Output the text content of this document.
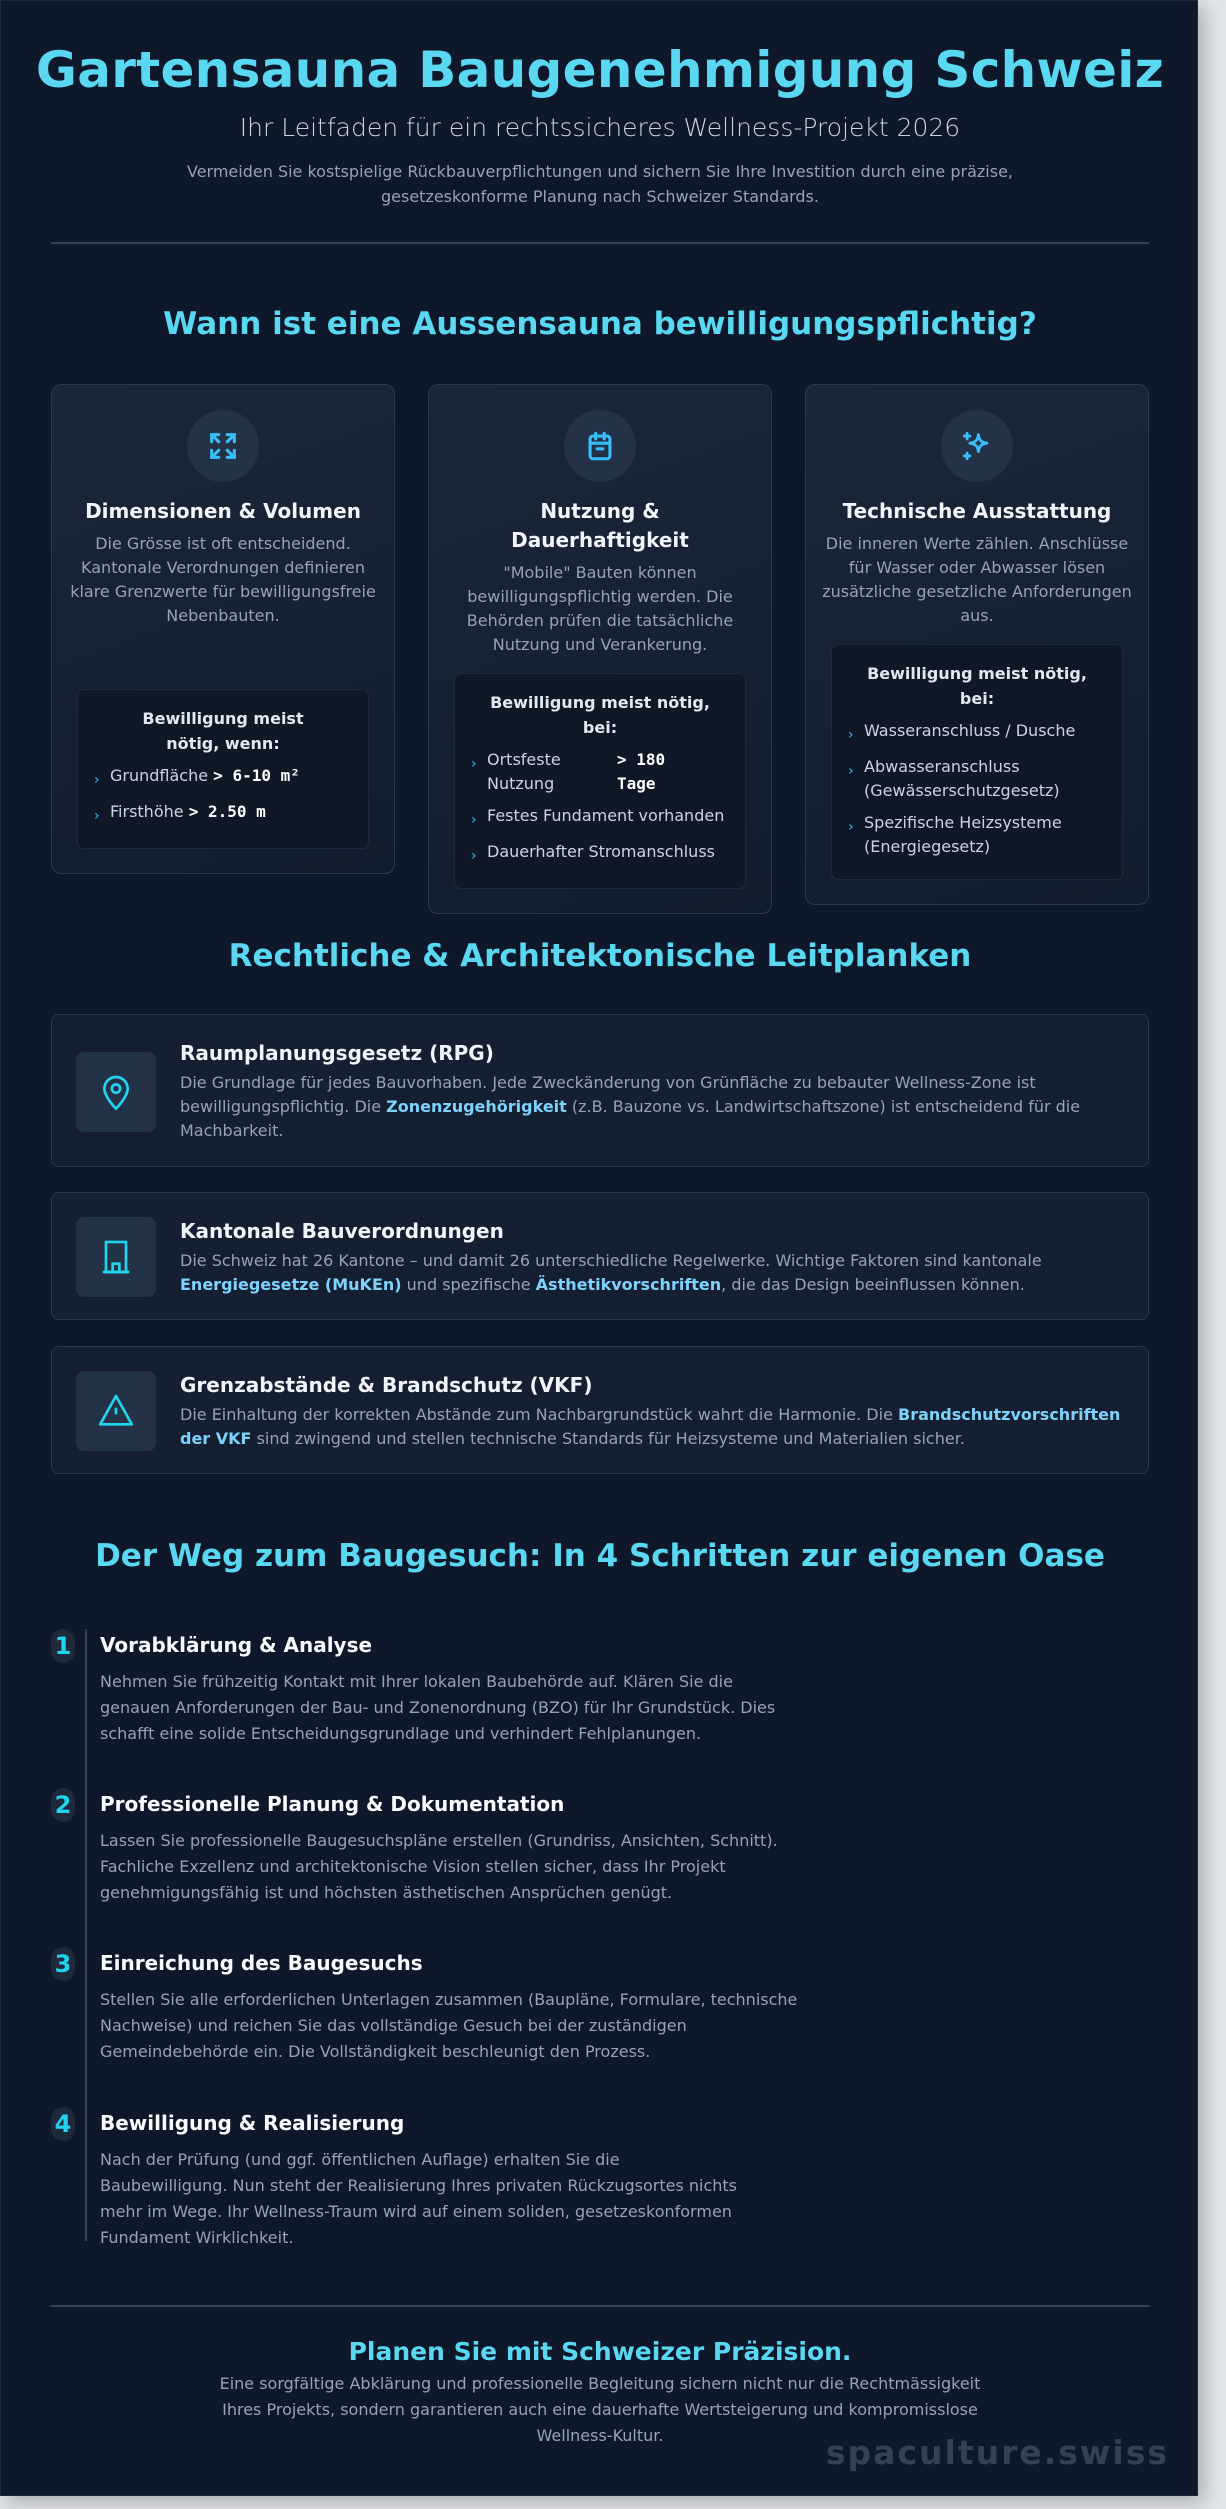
Gartensauna Baugenehmigung Schweiz
Ihr Leitfaden für ein rechtssicheres Wellness-Projekt 2026
Vermeiden Sie kostspielige Rückbauverpflichtungen und sichern Sie Ihre Investition durch eine präzise, gesetzeskonforme Planung nach Schweizer Standards.
Wann ist eine Aussensauna bewilligungspflichtig?
Dimensionen & Volumen
Die Grösse ist oft entscheidend. Kantonale Verordnungen definieren klare Grenzwerte für bewilligungsfreie Nebenbauten.
Bewilligung meist nötig, wenn:
› Grundfläche > 6-10 m²
› Firsthöhe > 2.50 m
Nutzung & Dauerhaftigkeit
"Mobile" Bauten können bewilligungspflichtig werden. Die Behörden prüfen die tatsächliche Nutzung und Verankerung.
Bewilligung meist nötig, bei:
› Ortsfeste Nutzung
> 180 Tage
› Festes Fundament vorhanden
› Dauerhafter Stromanschluss
Technische Ausstattung
Die inneren Werte zählen. Anschlüsse für Wasser oder Abwasser lösen zusätzliche gesetzliche Anforderungen aus.
Bewilligung meist nötig, bei:
› Wasseranschluss / Dusche
› Abwasseranschluss (Gewässerschutzgesetz)
› Spezifische Heizsysteme (Energiegesetz)
Rechtliche & Architektonische Leitplanken
Raumplanungsgesetz (RPG)
Die Grundlage für jedes Bauvorhaben. Jede Zweckänderung von Grünfläche zu bebauter Wellness-Zone ist bewilligungspflichtig. Die Zonenzugehörigkeit (z.B. Bauzone vs. Landwirtschaftszone) ist entscheidend für die Machbarkeit.
Kantonale Bauverordnungen
Die Schweiz hat 26 Kantone – und damit 26 unterschiedliche Regelwerke. Wichtige Faktoren sind kantonale Energiegesetze (MuKEn) und spezifische Ästhetikvorschriften, die das Design beeinflussen können.
Grenzabstände & Brandschutz (VKF)
Die Einhaltung der korrekten Abstände zum Nachbargrundstück wahrt die Harmonie. Die Brandschutzvorschriften der VKF sind zwingend und stellen technische Standards für Heizsysteme und Materialien sicher.
Der Weg zum Baugesuch: In 4 Schritten zur eigenen Oase
1 Vorabklärung & Analyse
Nehmen Sie frühzeitig Kontakt mit Ihrer lokalen Baubehörde auf. Klären Sie die genauen Anforderungen der Bau- und Zonenordnung (BZO) für Ihr Grundstück. Dies schafft eine solide Entscheidungsgrundlage und verhindert Fehlplanungen.
2 Professionelle Planung & Dokumentation
Lassen Sie professionelle Baugesuchspläne erstellen (Grundriss, Ansichten, Schnitt). Fachliche Exzellenz und architektonische Vision stellen sicher, dass Ihr Projekt genehmigungsfähig ist und höchsten ästhetischen Ansprüchen genügt.
3 Einreichung des Baugesuchs
Stellen Sie alle erforderlichen Unterlagen zusammen (Baupläne, Formulare, technische Nachweise) und reichen Sie das vollständige Gesuch bei der zuständigen Gemeindebehörde ein. Die Vollständigkeit beschleunigt den Prozess.
4 Bewilligung & Realisierung
Nach der Prüfung (und ggf. öffentlichen Auflage) erhalten Sie die Baubewilligung. Nun steht der Realisierung Ihres privaten Rückzugsortes nichts mehr im Wege. Ihr Wellness-Traum wird auf einem soliden, gesetzeskonformen Fundament Wirklichkeit.
Planen Sie mit Schweizer Präzision.
Eine sorgfältige Abklärung und professionelle Begleitung sichern nicht nur die Rechtmässigkeit Ihres Projekts, sondern garantieren auch eine dauerhafte Wertsteigerung und kompromisslose Wellness-Kultur.	spaculture.swiss
